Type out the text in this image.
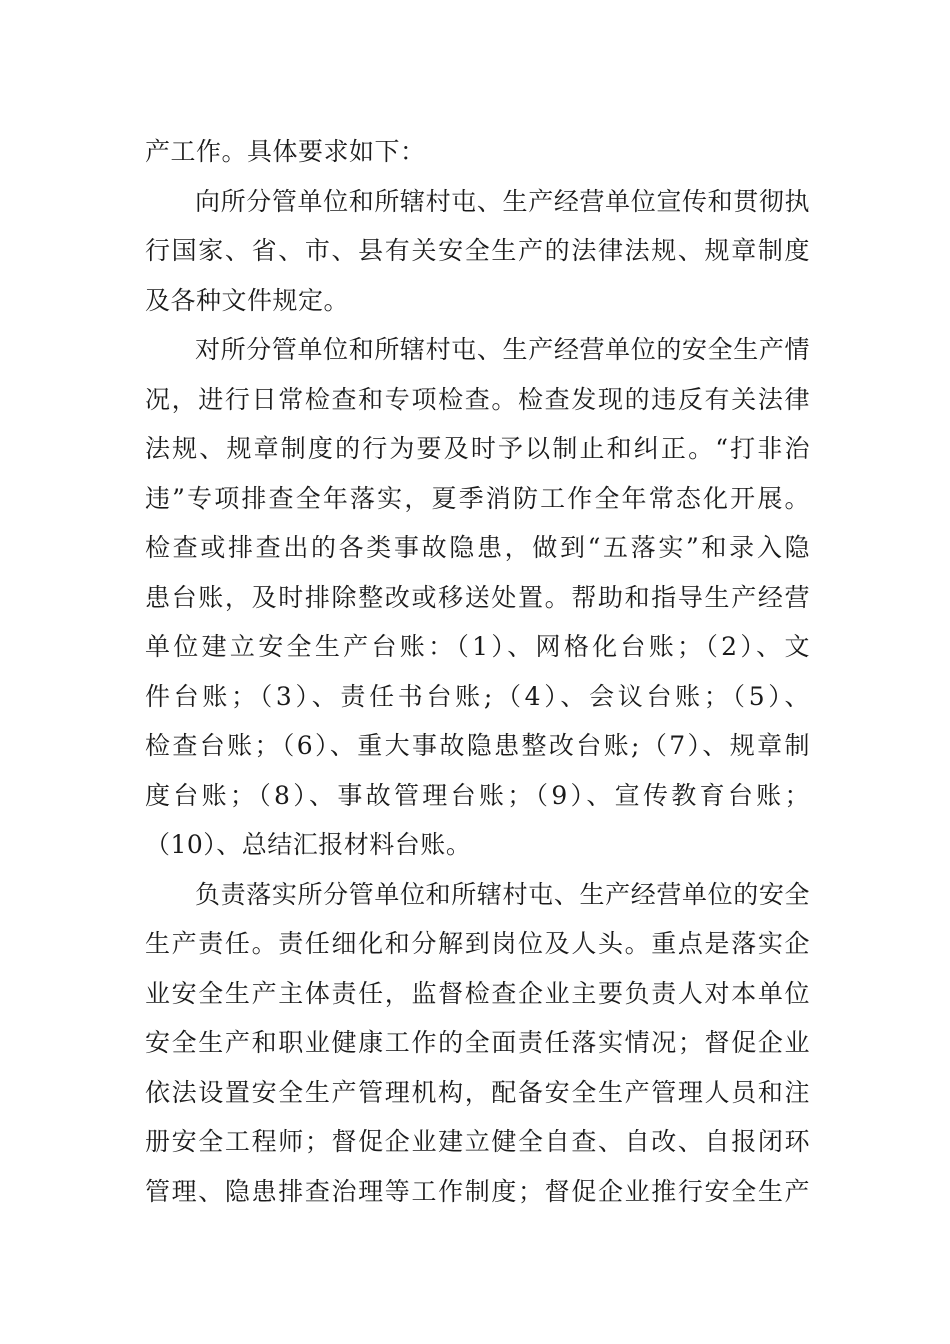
产工作。具体要求如下：
向所分管单位和所辖村屯、生产经营单位宣传和贯彻执
行国家、省、市、县有关安全生产的法律法规、规章制度
及各种文件规定。
对所分管单位和所辖村屯、生产经营单位的安全生产情
况，进行日常检查和专项检查。检查发现的违反有关法律
法规、规章制度的行为要及时予以制止和纠正。“打非治
违”专项排查全年落实，夏季消防工作全年常态化开展。
检查或排查出的各类事故隐患，做到“五落实”和录入隐
患台账，及时排除整改或移送处置。帮助和指导生产经营
单位建立安全生产台账：（1）、网格化台账；（2）、文
件台账；（3）、责任书台账;（4）、会议台账；（5）、
检查台账；（6）、重大事故隐患整改台账;（7）、规章制
度台账；（8）、事故管理台账；（9）、宣传教育台账；
（10）、总结汇报材料台账。
负责落实所分管单位和所辖村屯、生产经营单位的安全
生产责任。责任细化和分解到岗位及人头。重点是落实企
业安全生产主体责任，监督检查企业主要负责人对本单位
安全生产和职业健康工作的全面责任落实情况；督促企业
依法设置安全生产管理机构，配备安全生产管理人员和注
册安全工程师；督促企业建立健全自查、自改、自报闭环
管理、隐患排查治理等工作制度；督促企业推行安全生产
